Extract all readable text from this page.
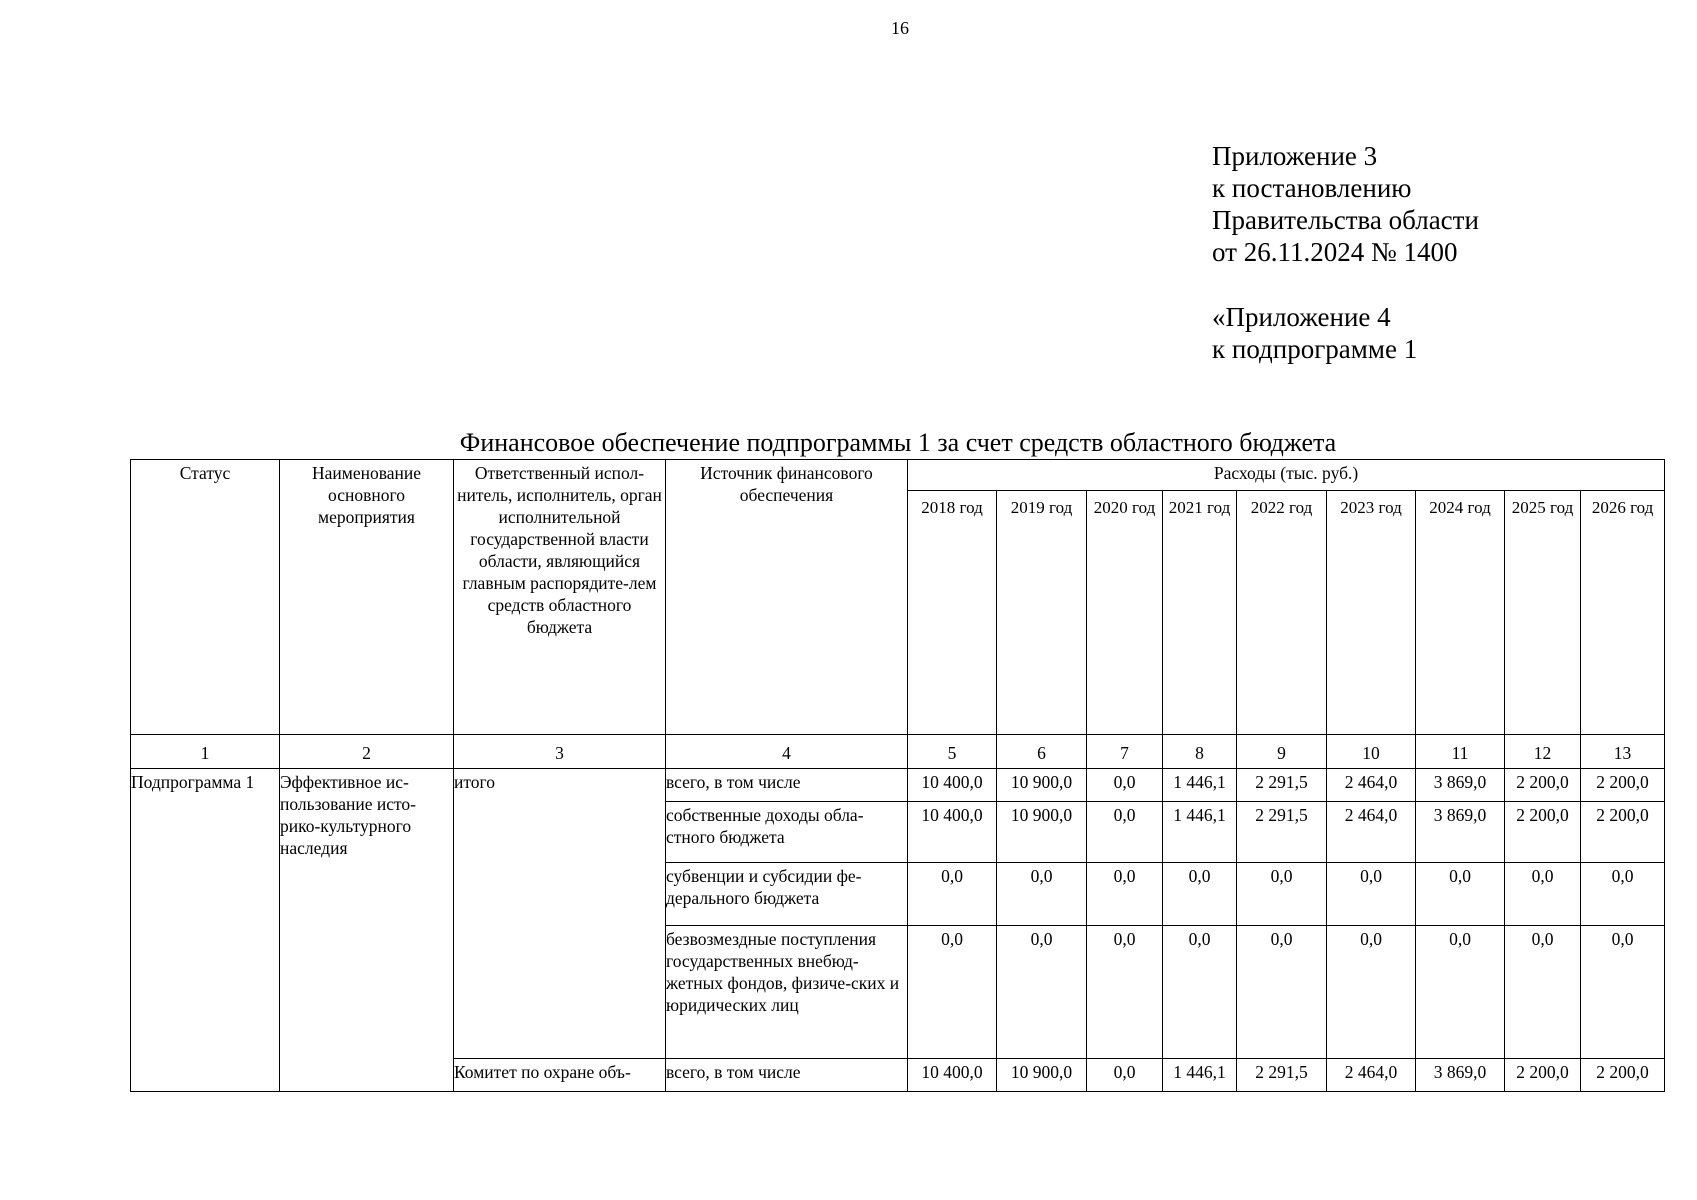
16
Приложение 3
к постановлению
Правительства области
от 26.11.2024 № 1400
«Приложение 4
к подпрограмме 1
Финансовое обеспечение подпрограммы 1 за счет средств областного бюджета
Статус	Наименование основного мероприятия	Ответственный испол-нитель, исполнитель, орган исполнительной государственной власти области, являющийся главным распорядите-лем средств областного бюджета	Источник финансового обеспечения	Расходы (тыс. руб.)								
				2018 год	2019 год	2020 год	2021 год	2022 год	2023 год	2024 год	2025 год	2026 год
1	2	3	4	5	6	7	8	9	10	11	12	13
Подпрограмма 1	Эффективное ис-пользование исто-рико-культурного наследия	итого	всего, в том числе	10 400,0	10 900,0	0,0	1 446,1	2 291,5	2 464,0	3 869,0	2 200,0	2 200,0
			собственные доходы обла-стного бюджета	10 400,0	10 900,0	0,0	1 446,1	2 291,5	2 464,0	3 869,0	2 200,0	2 200,0
			субвенции и субсидии фе-дерального бюджета	0,0	0,0	0,0	0,0	0,0	0,0	0,0	0,0	0,0
			безвозмездные поступления государственных внебюд-жетных фондов, физиче-ских и юридических лиц	0,0	0,0	0,0	0,0	0,0	0,0	0,0	0,0	0,0
		Комитет по охране объ-	всего, в том числе	10 400,0	10 900,0	0,0	1 446,1	2 291,5	2 464,0	3 869,0	2 200,0	2 200,0
